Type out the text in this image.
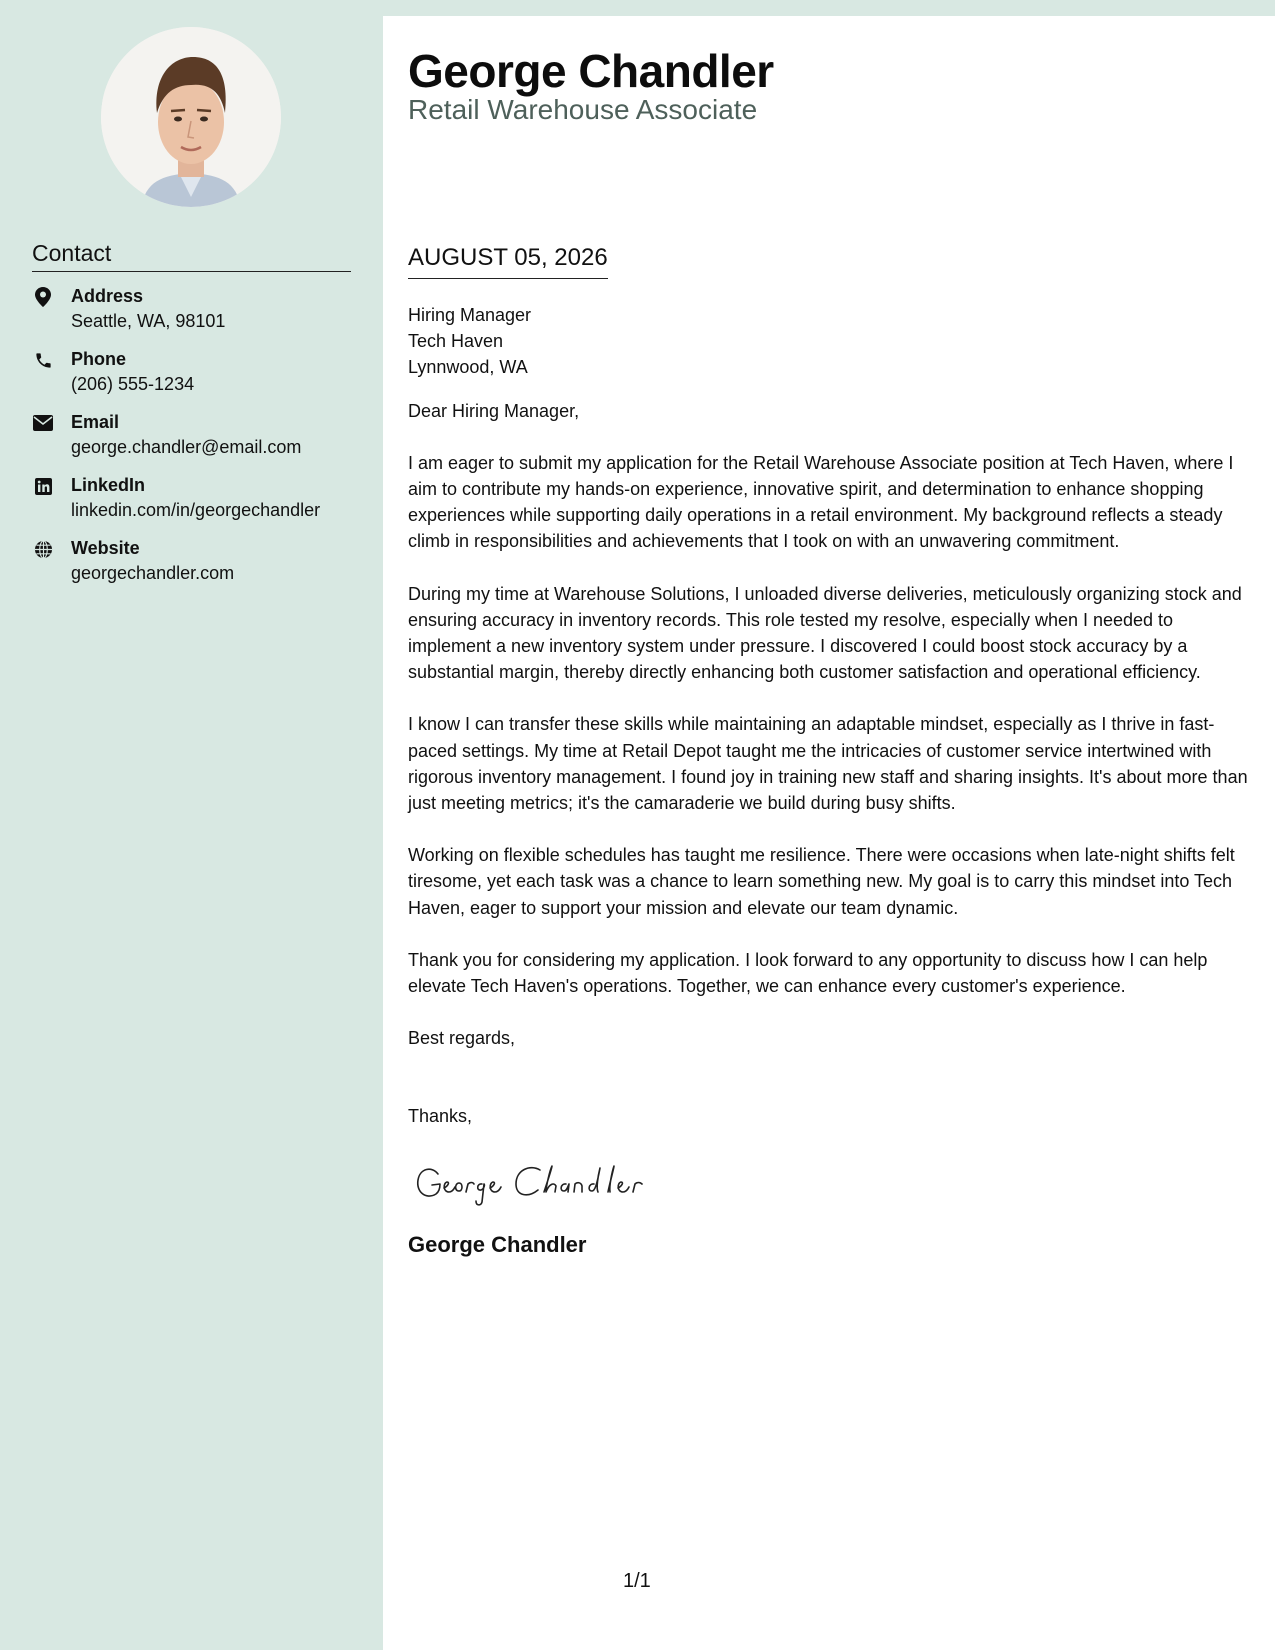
Contact
Address
Seattle, WA, 98101
Phone
(206) 555-1234
Email
george.chandler@email.com
LinkedIn
linkedin.com/in/georgechandler
Website
georgechandler.com
George Chandler
Retail Warehouse Associate
AUGUST 05, 2026
Hiring Manager
Tech Haven
Lynnwood, WA

Dear Hiring Manager,

I am eager to submit my application for the Retail Warehouse Associate position at Tech Haven, where I aim to contribute my hands-on experience, innovative spirit, and determination to enhance shopping experiences while supporting daily operations in a retail environment. My background reflects a steady climb in responsibilities and achievements that I took on with an unwavering commitment.

During my time at Warehouse Solutions, I unloaded diverse deliveries, meticulously organizing stock and ensuring accuracy in inventory records. This role tested my resolve, especially when I needed to implement a new inventory system under pressure. I discovered I could boost stock accuracy by a substantial margin, thereby directly enhancing both customer satisfaction and operational efficiency.

I know I can transfer these skills while maintaining an adaptable mindset, especially as I thrive in fast-paced settings. My time at Retail Depot taught me the intricacies of customer service intertwined with rigorous inventory management. I found joy in training new staff and sharing insights. It's about more than just meeting metrics; it's the camaraderie we build during busy shifts.

Working on flexible schedules has taught me resilience. There were occasions when late-night shifts felt tiresome, yet each task was a chance to learn something new. My goal is to carry this mindset into Tech Haven, eager to support your mission and elevate our team dynamic.

Thank you for considering my application. I look forward to any opportunity to discuss how I can help elevate Tech Haven's operations. Together, we can enhance every customer's experience.

Best regards,

Thanks,

George Chandler
1/1
